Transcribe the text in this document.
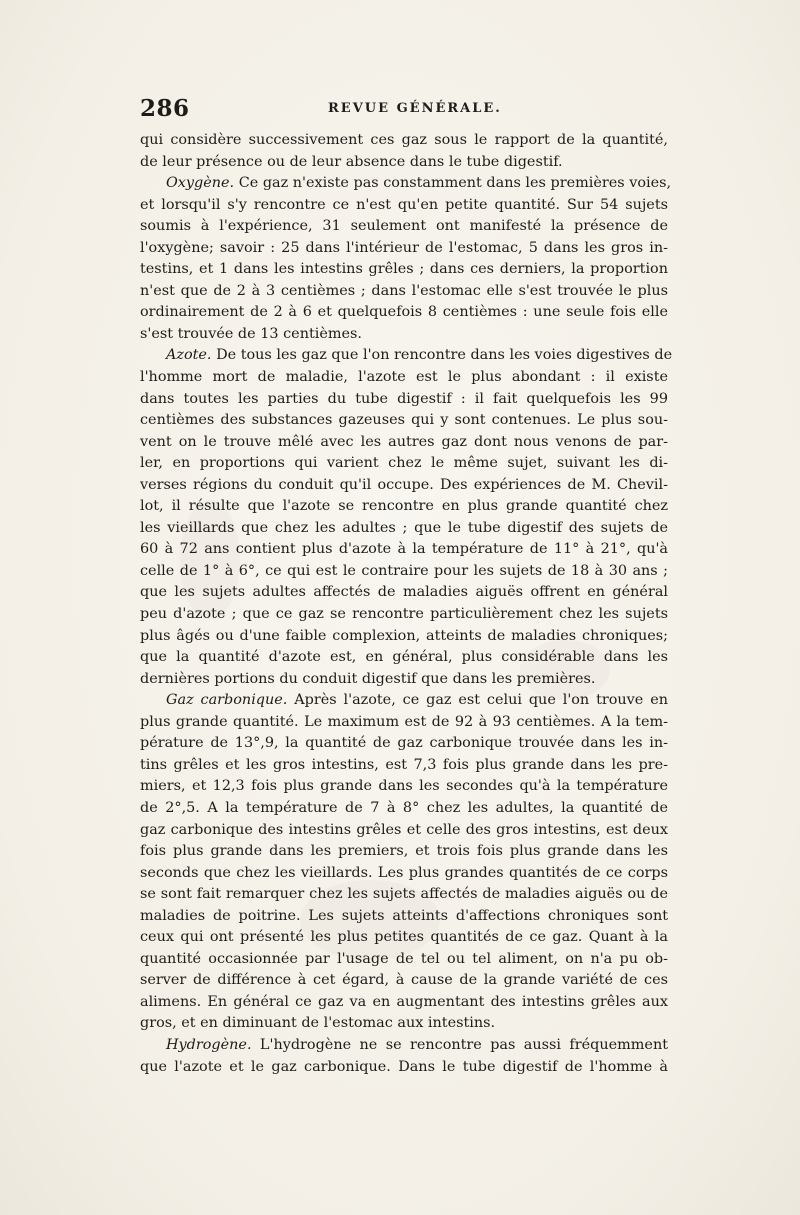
286	REVUE GÉNÉRALE.
qui considère successivement ces gaz sous le rapport de la quantité,
de leur présence ou de leur absence dans le tube digestif.
Oxygène. Ce gaz n'existe pas constamment dans les premières voies,
et lorsqu'il s'y rencontre ce n'est qu'en petite quantité. Sur 54 sujets
soumis à l'expérience, 31 seulement ont manifesté la présence de
l'oxygène; savoir : 25 dans l'intérieur de l'estomac, 5 dans les gros in-
testins, et 1 dans les intestins grêles ; dans ces derniers, la proportion
n'est que de 2 à 3 centièmes ; dans l'estomac elle s'est trouvée le plus
ordinairement de 2 à 6 et quelquefois 8 centièmes : une seule fois elle
s'est trouvée de 13 centièmes.
Azote. De tous les gaz que l'on rencontre dans les voies digestives de
l'homme mort de maladie, l'azote est le plus abondant : il existe
dans toutes les parties du tube digestif : il fait quelquefois les 99
centièmes des substances gazeuses qui y sont contenues. Le plus sou-
vent on le trouve mêlé avec les autres gaz dont nous venons de par-
ler, en proportions qui varient chez le même sujet, suivant les di-
verses régions du conduit qu'il occupe. Des expériences de M. Chevil-
lot, il résulte que l'azote se rencontre en plus grande quantité chez
les vieillards que chez les adultes ; que le tube digestif des sujets de
60 à 72 ans contient plus d'azote à la température de 11° à 21°, qu'à
celle de 1° à 6°, ce qui est le contraire pour les sujets de 18 à 30 ans ;
que les sujets adultes affectés de maladies aiguës offrent en général
peu d'azote ; que ce gaz se rencontre particulièrement chez les sujets
plus âgés ou d'une faible complexion, atteints de maladies chroniques;
que la quantité d'azote est, en général, plus considérable dans les
dernières portions du conduit digestif que dans les premières.
Gaz carbonique. Après l'azote, ce gaz est celui que l'on trouve en
plus grande quantité. Le maximum est de 92 à 93 centièmes. A la tem-
pérature de 13°,9, la quantité de gaz carbonique trouvée dans les in-
tins grêles et les gros intestins, est 7,3 fois plus grande dans les pre-
miers, et 12,3 fois plus grande dans les secondes qu'à la température
de 2°,5. A la température de 7 à 8° chez les adultes, la quantité de
gaz carbonique des intestins grêles et celle des gros intestins, est deux
fois plus grande dans les premiers, et trois fois plus grande dans les
seconds que chez les vieillards. Les plus grandes quantités de ce corps
se sont fait remarquer chez les sujets affectés de maladies aiguës ou de
maladies de poitrine. Les sujets atteints d'affections chroniques sont
ceux qui ont présenté les plus petites quantités de ce gaz. Quant à la
quantité occasionnée par l'usage de tel ou tel aliment, on n'a pu ob-
server de différence à cet égard, à cause de la grande variété de ces
alimens. En général ce gaz va en augmentant des intestins grêles aux
gros, et en diminuant de l'estomac aux intestins.
Hydrogène. L'hydrogène ne se rencontre pas aussi fréquemment
que l'azote et le gaz carbonique. Dans le tube digestif de l'homme à
